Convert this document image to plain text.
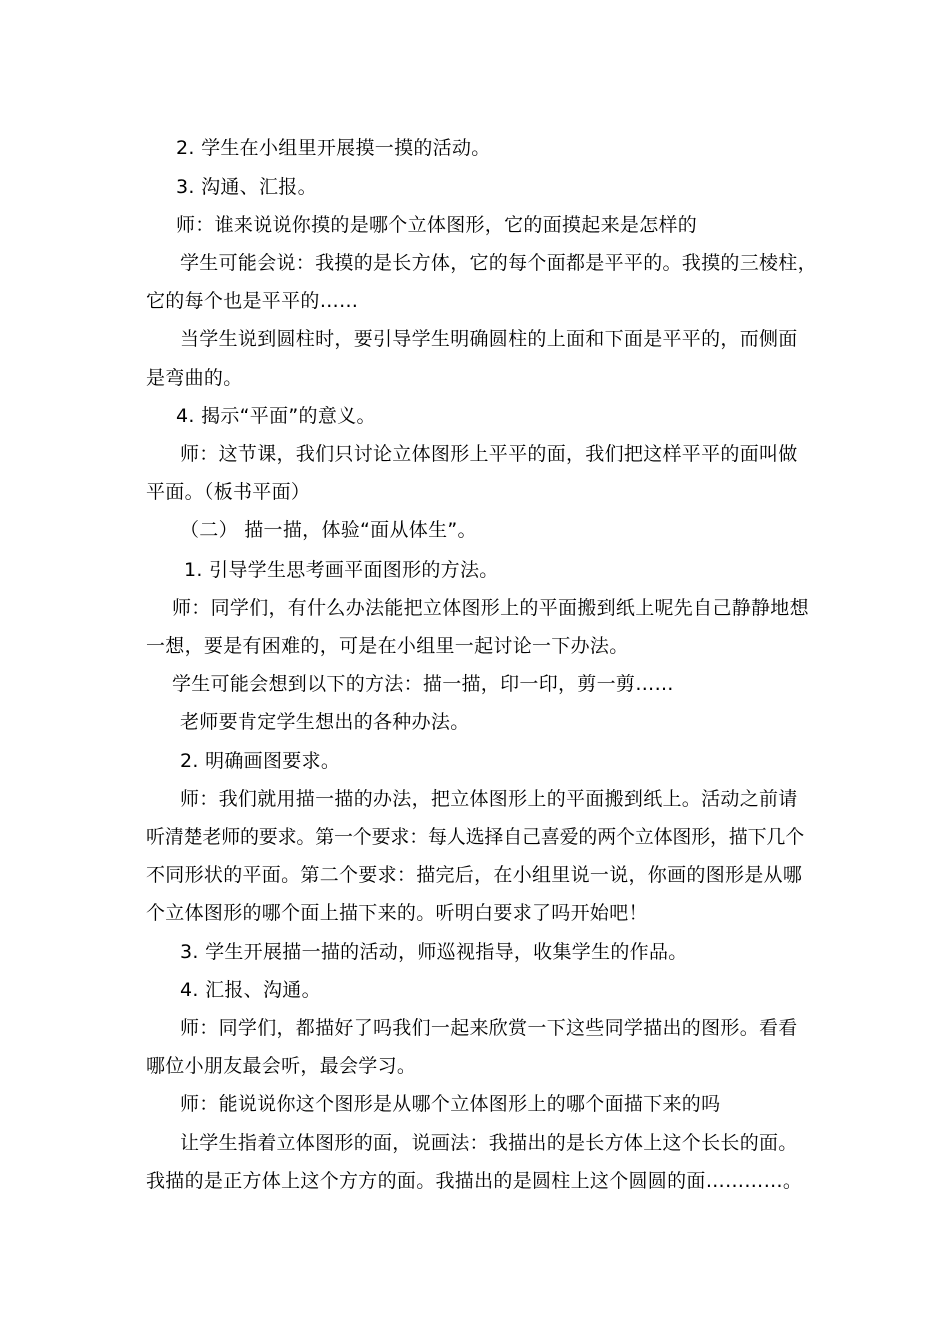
2. 学生在小组里开展摸一摸的活动。
3. 沟通、汇报。
师：谁来说说你摸的是哪个立体图形，它的面摸起来是怎样的
学生可能会说：我摸的是长方体，它的每个面都是平平的。我摸的三棱柱，
它的每个也是平平的……
当学生说到圆柱时，要引导学生明确圆柱的上面和下面是平平的，而侧面
是弯曲的。
4. 揭示“平面”的意义。
师：这节课，我们只讨论立体图形上平平的面，我们把这样平平的面叫做
平面。（板书平面）
（二） 描一描，体验“面从体生”。
1. 引导学生思考画平面图形的方法。
师：同学们，有什么办法能把立体图形上的平面搬到纸上呢先自己静静地想
一想，要是有困难的，可是在小组里一起讨论一下办法。
学生可能会想到以下的方法：描一描，印一印，剪一剪……
老师要肯定学生想出的各种办法。
2. 明确画图要求。
师：我们就用描一描的办法，把立体图形上的平面搬到纸上。活动之前请
听清楚老师的要求。第一个要求：每人选择自己喜爱的两个立体图形，描下几个
不同形状的平面。第二个要求：描完后，在小组里说一说，你画的图形是从哪
个立体图形的哪个面上描下来的。听明白要求了吗开始吧！
3. 学生开展描一描的活动，师巡视指导，收集学生的作品。
4. 汇报、沟通。
师：同学们，都描好了吗我们一起来欣赏一下这些同学描出的图形。看看
哪位小朋友最会听，最会学习。
师：能说说你这个图形是从哪个立体图形上的哪个面描下来的吗
让学生指着立体图形的面，说画法：我描出的是长方体上这个长长的面。
我描的是正方体上这个方方的面。我描出的是圆柱上这个圆圆的面…………。
